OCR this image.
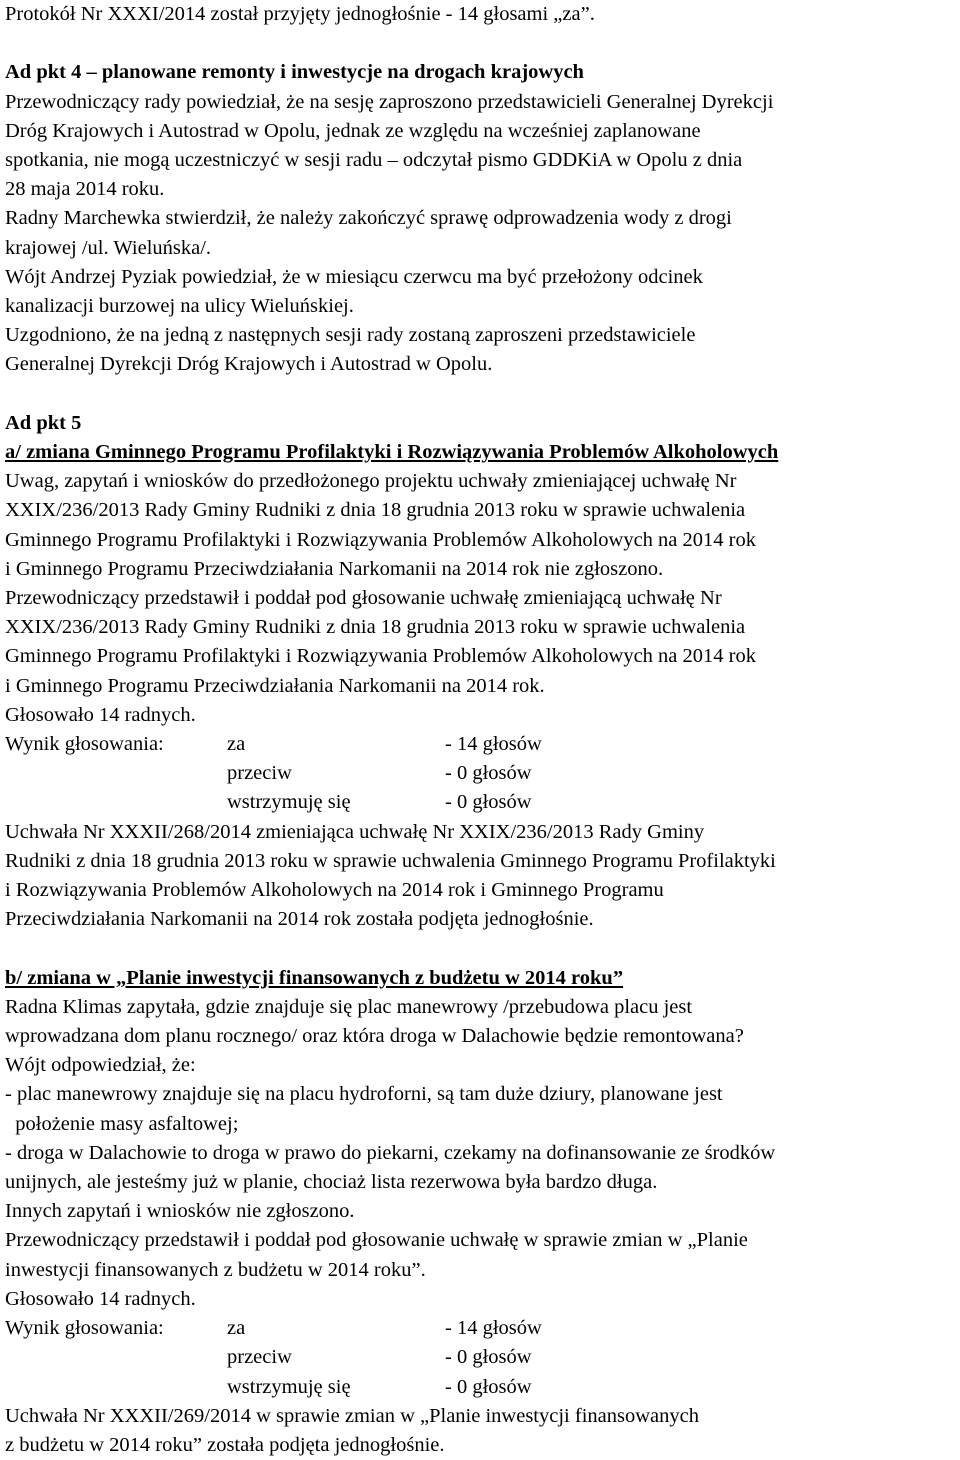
Protokół Nr XXXI/2014 został przyjęty jednogłośnie - 14 głosami „za”.

Ad pkt 4 – planowane remonty i inwestycje na drogach krajowych

Przewodniczący rady powiedział, że na sesję zaproszono przedstawicieli Generalnej Dyrekcji

Dróg Krajowych i Autostrad w Opolu, jednak ze względu na wcześniej zaplanowane

spotkania, nie mogą uczestniczyć w sesji radu – odczytał pismo GDDKiA w Opolu z dnia

28 maja 2014 roku.

Radny Marchewka stwierdził, że należy zakończyć sprawę odprowadzenia wody z drogi

krajowej /ul. Wieluńska/.

Wójt Andrzej Pyziak powiedział, że w miesiącu czerwcu ma być przełożony odcinek

kanalizacji burzowej na ulicy Wieluńskiej.

Uzgodniono, że na jedną z następnych sesji rady zostaną zaproszeni przedstawiciele

Generalnej Dyrekcji Dróg Krajowych i Autostrad w Opolu.

Ad pkt 5

a/ zmiana Gminnego Programu Profilaktyki i Rozwiązywania Problemów Alkoholowych

Uwag, zapytań i wniosków do przedłożonego projektu uchwały zmieniającej uchwałę Nr

XXIX/236/2013 Rady Gminy Rudniki z dnia 18 grudnia 2013 roku w sprawie uchwalenia

Gminnego Programu Profilaktyki i Rozwiązywania Problemów Alkoholowych na 2014 rok

i Gminnego Programu Przeciwdziałania Narkomanii na 2014 rok nie zgłoszono.

Przewodniczący przedstawił i poddał pod głosowanie uchwałę zmieniającą uchwałę Nr

XXIX/236/2013 Rady Gminy Rudniki z dnia 18 grudnia 2013 roku w sprawie uchwalenia

Gminnego Programu Profilaktyki i Rozwiązywania Problemów Alkoholowych na 2014 rok

i Gminnego Programu Przeciwdziałania Narkomanii na 2014 rok.

Głosowało 14 radnych.

Wynik głosowania:	za	- 14 głosów

przeciw	- 0 głosów

wstrzymuję się	- 0 głosów

Uchwała Nr XXXII/268/2014 zmieniająca uchwałę Nr XXIX/236/2013 Rady Gminy

Rudniki z dnia 18 grudnia 2013 roku w sprawie uchwalenia Gminnego Programu Profilaktyki

i Rozwiązywania Problemów Alkoholowych na 2014 rok i Gminnego Programu

Przeciwdziałania Narkomanii na 2014 rok została podjęta jednogłośnie.

b/ zmiana w „Planie inwestycji finansowanych z budżetu w 2014 roku”

Radna Klimas zapytała, gdzie znajduje się plac manewrowy /przebudowa placu jest

wprowadzana dom planu rocznego/ oraz która droga w Dalachowie będzie remontowana?

Wójt odpowiedział, że:

- plac manewrowy znajduje się na placu hydroforni, są tam duże dziury, planowane jest

położenie masy asfaltowej;

- droga w Dalachowie to droga w prawo do piekarni, czekamy na dofinansowanie ze środków

unijnych, ale jesteśmy już w planie, chociaż lista rezerwowa była bardzo długa.

Innych zapytań i wniosków nie zgłoszono.

Przewodniczący przedstawił i poddał pod głosowanie uchwałę w sprawie zmian w „Planie

inwestycji finansowanych z budżetu w 2014 roku”.

Głosowało 14 radnych.

Wynik głosowania:	za	- 14 głosów

przeciw	- 0 głosów

wstrzymuję się	- 0 głosów

Uchwała Nr XXXII/269/2014 w sprawie zmian w „Planie inwestycji finansowanych

z budżetu w 2014 roku” została podjęta jednogłośnie.
